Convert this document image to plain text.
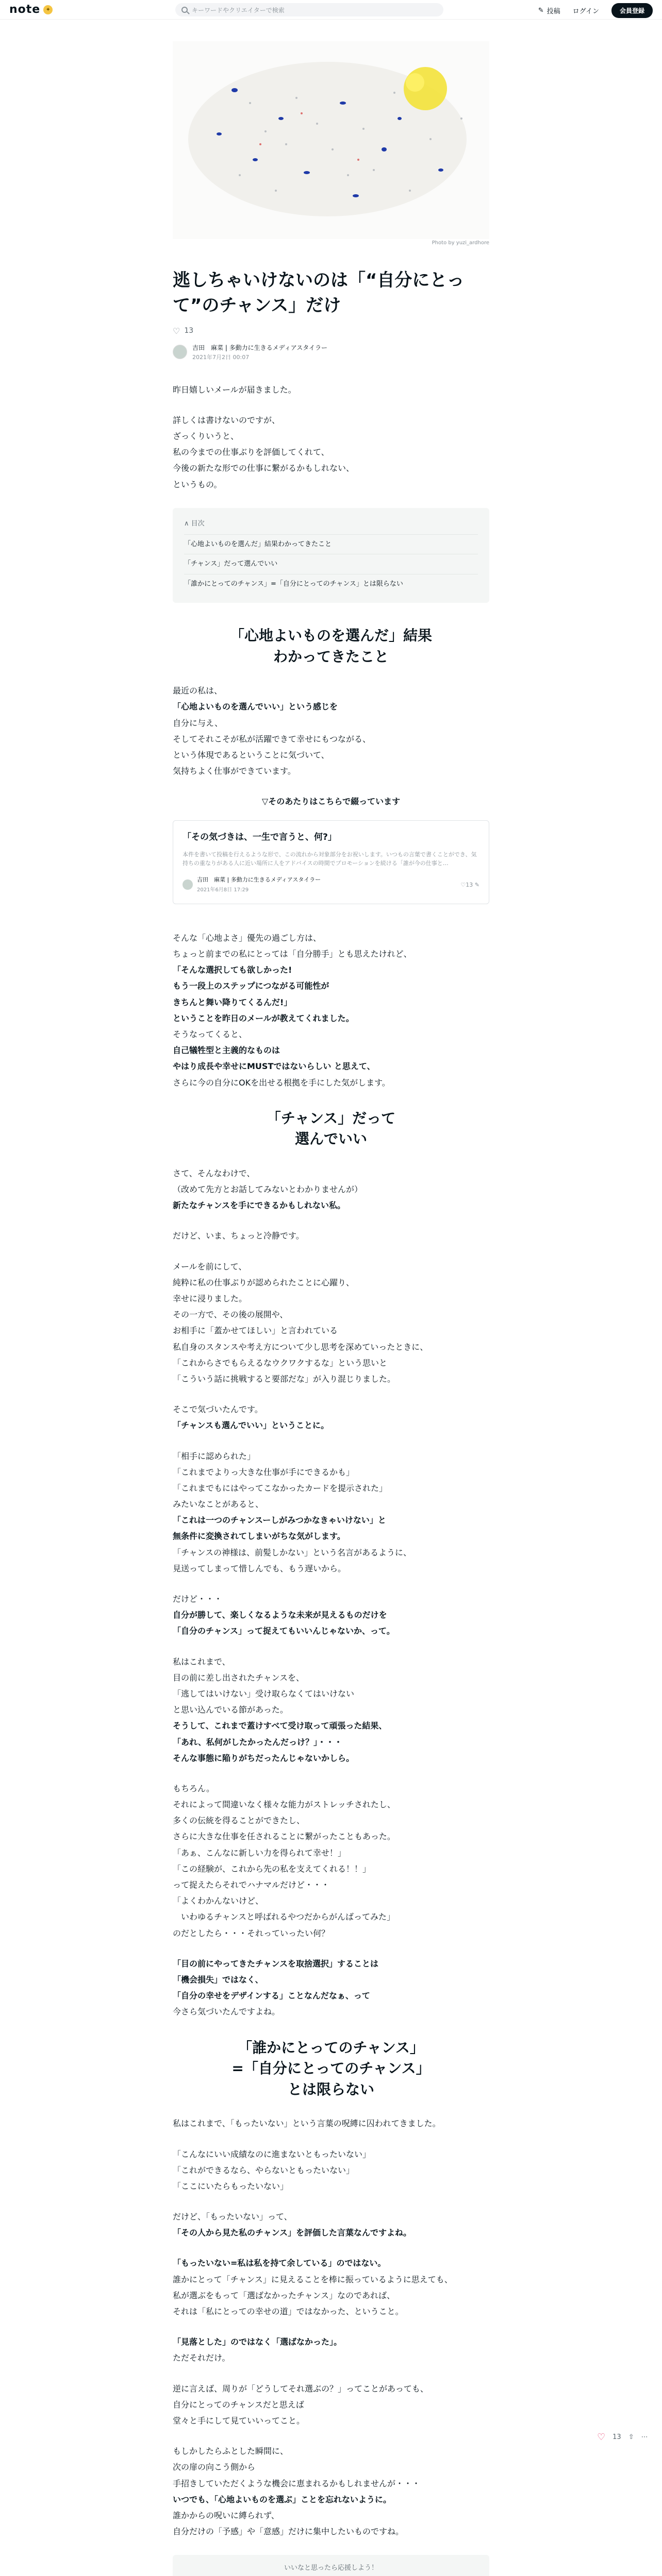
note ✦	キーワードやクリエイターで検索	✎ 投稿 ログイン	会員登録
Photo by yuzi_ardhore
逃しちゃいけないのは「“自分にとって”のチャンス」だけ
♡ 13
吉田　麻菜 | 多動力に生きるメディアスタイラー
2021年7月2日 00:07
昨日嬉しいメールが届きました。
詳しくは書けないのですが、
ざっくりいうと、
私の今までの仕事ぶりを評価してくれて、
今後の新たな形での仕事に繋がるかもしれない、
というもの。
∧ 目次
「心地よいものを選んだ」結果わかってきたこと
「チャンス」だって選んでいい
「誰かにとってのチャンス」=「自分にとってのチャンス」とは限らない
「心地よいものを選んだ」結果
わかってきたこと
最近の私は、
「心地よいものを選んでいい」という感じを
自分に与え、
そしてそれこそが私が活躍できて幸せにもつながる、
という体現であるということに気づいて、
気持ちよく仕事ができています。
▽そのあたりはこちらで綴っています
「その気づきは、一生で言うと、何?」
本件を書いて投稿を行えるような形で、この流れから対象部分をお祝いします。いつもの言葉で書くことができ、気持ちの重なりがある人に近い場所に人をアドバイスの時間でプロモーションを続ける「誰が今の仕事と…
吉田　麻菜 | 多動力に生きるメディアスタイラー
2021年6月8日 17:29
♡13 ✎
そんな「心地よさ」優先の過ごし方は、
ちょっと前までの私にとっては「自分勝手」とも思えたけれど、
「そんな選択しても欲しかった!
もう一段上のステップにつながる可能性が
きちんと舞い降りてくるんだ!」
ということを昨日のメールが教えてくれました。
そうなってくると、
自己犠牲型と主義的なものは
やはり成長や幸せにMUSTではないらしい と思えて、
さらに今の自分にOKを出せる根拠を手にした気がします。
「チャンス」だって
選んでいい
さて、そんなわけで、
（改めて先方とお話してみないとわかりませんが）
新たなチャンスを手にできるかもしれない私。
だけど、いま、ちょっと冷静です。
メールを前にして、
純粋に私の仕事ぶりが認められたことに心躍り、
幸せに浸りました。
その一方で、その後の展開や、
お相手に「蓋かせてほしい」と言われている
私自身のスタンスや考え方について少し思考を深めていったときに、
「これからさでもらえるなウクワクするな」という思いと
「こういう話に挑戦すると要部だな」が入り混じりました。
そこで気づいたんです。
「チャンスも選んでいい」ということに。
「相手に認められた」
「これまでよりっ大きな仕事が手にできるかも」
「これまでもにはやってこなかったカードを提示された」
みたいなことがあると、
「これは一つのチャンスーしがみつかなきゃいけない」と
無条件に変換されてしまいがちな気がします。
「チャンスの神様は、前髪しかない」という名言があるように、
見送ってしまって惜しんでも、もう遅いから。
だけど・・・
自分が勝して、楽しくなるような未来が見えるものだけを
「自分のチャンス」って捉えてもいいんじゃないか、って。
私はこれまで、
目の前に差し出されたチャンスを、
「逃してはいけない」受け取らなくてはいけない
と思い込んでいる節があった。
そうして、これまで蓋けすべて受け取って頑張った結果、
「あれ、私何がしたかったんだっけ？」・・・
そんな事態に陥りがちだったんじゃないかしら。
もちろん。
それによって間違いなく様々な能力がストレッチされたし、
多くの伝統を得ることができたし、
さらに大きな仕事を任されることに繋がったこともあった。
「あぁ、こんなに新しい力を得られて幸せ！」
「この経験が、これから先の私を支えてくれる！！」
って捉えたらそれでハナマルだけど・・・
「よくわかんないけど、
　いわゆるチャンスと呼ばれるやつだからがんばってみた」
のだとしたら・・・それっていったい何？
「目の前にやってきたチャンスを取捨選択」することは
「機会損失」ではなく、
「自分の幸せをデザインする」ことなんだなぁ、って
今さら気づいたんですよね。
「誰かにとってのチャンス」
=「自分にとってのチャンス」
とは限らない
私はこれまで、「もったいない」という言葉の呪縛に囚われてきました。
「こんなにいい成績なのに進まないともったいない」
「これができるなら、やらないともったいない」
「ここにいたらもったいない」
だけど、「もったいない」って、
「その人から見た私のチャンス」を評価した言葉なんですよね。
「もったいない=私は私を持て余している」のではない。
誰かにとって「チャンス」に見えることを棒に振っているように思えても、
私が選ぶをもって「選ばなかったチャンス」なのであれば、
それは「私にとっての幸せの道」ではなかった、ということ。
「見落とした」のではなく「選ばなかった」。
ただそれだけ。
逆に言えば、周りが「どうしてそれ選ぶの？」ってことがあっても、
自分にとってのチャンスだと思えば
堂々と手にして見ていいってこと。
もしかしたらふとした瞬間に、
次の扉の向こう側から
手招きしていただくような機会に恵まれるかもしれませんが・・・
いつでも、「心地よいものを選ぶ」ことを忘れないように。
誰かからの呪いに縛られず、
自分だけの「予感」や「意感」だけに集中したいものですね。
いいなと思ったら応援しよう！
♡ 13 ⇧ ⋯
